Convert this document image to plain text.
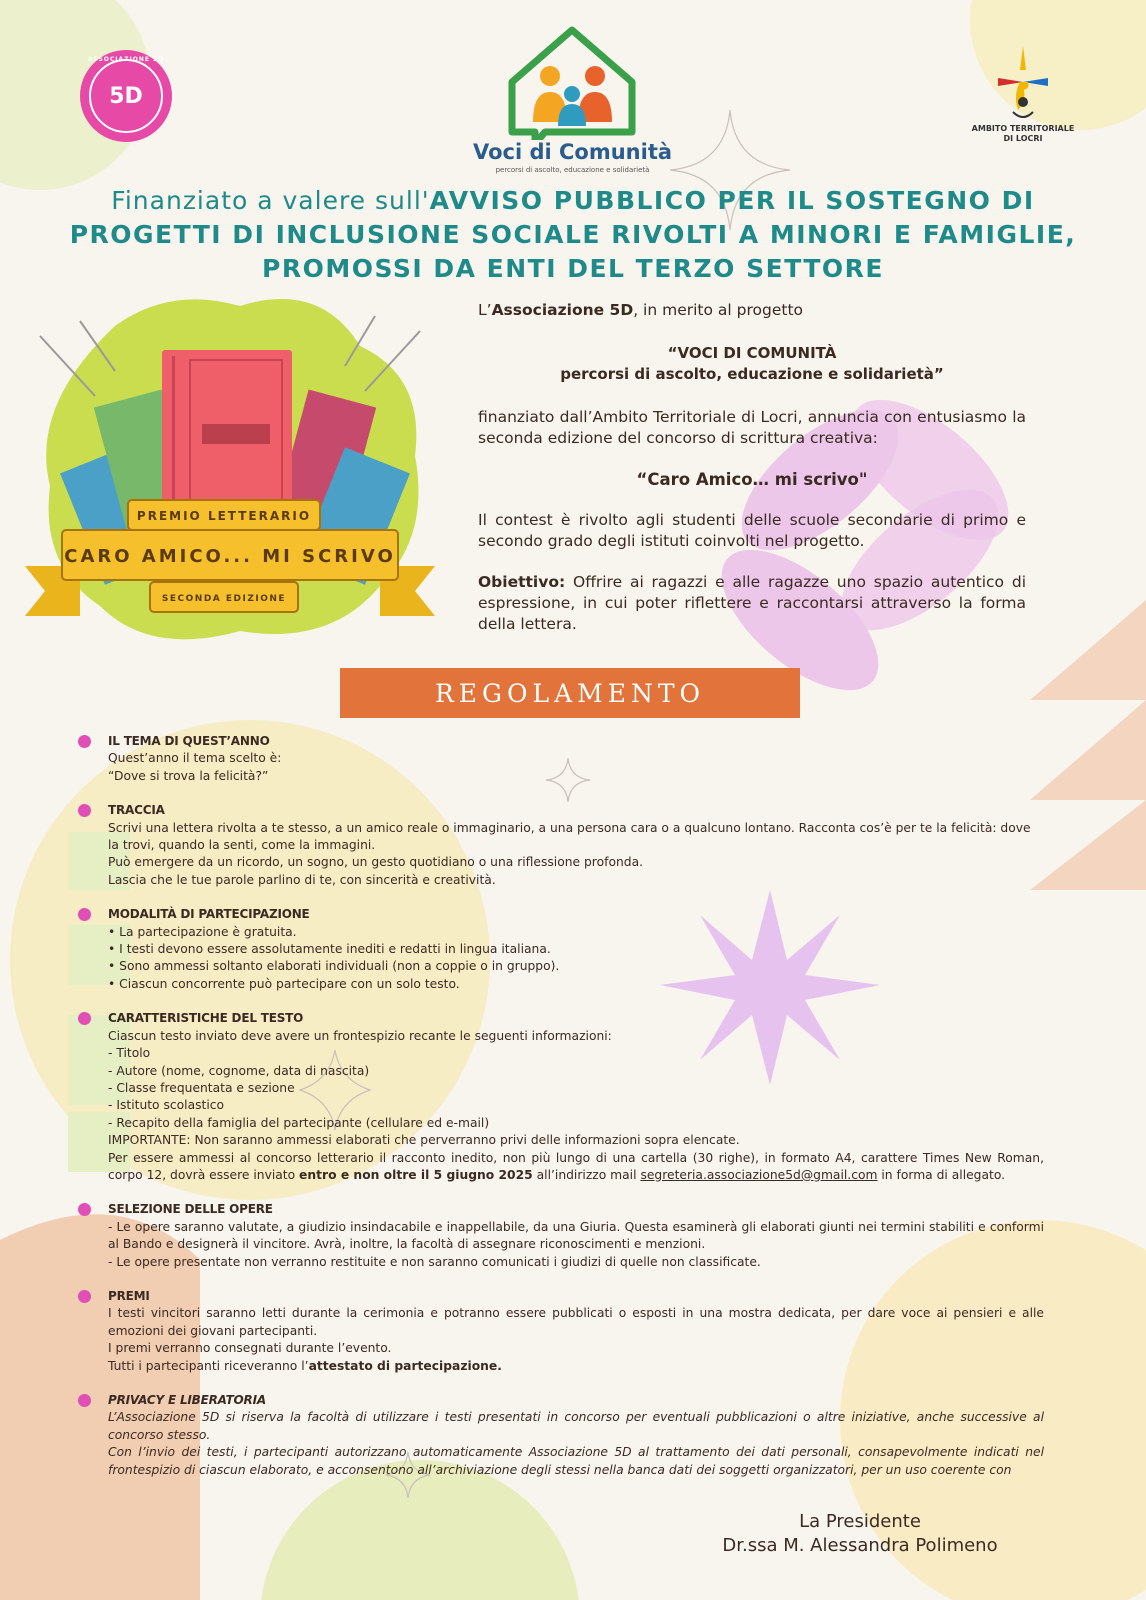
ASSOCIAZIONE 5D
5D
Voci di Comunità
percorsi di ascolto, educazione e solidarietà
AMBITO TERRITORIALE
DI LOCRI
Finanziato a valere sull'AVVISO PUBBLICO PER IL SOSTEGNO DI
PROGETTI DI INCLUSIONE SOCIALE RIVOLTI A MINORI E FAMIGLIE,
PROMOSSI DA ENTI DEL TERZO SETTORE
PREMIO LETTERARIO
CARO AMICO... MI SCRIVO
SECONDA EDIZIONE

L’Associazione 5D, in merito al progetto

“VOCI DI COMUNITÀ

percorsi di ascolto, educazione e solidarietà”

finanziato dall’Ambito Territoriale di Locri, annuncia con entusiasmo la seconda edizione del concorso di scrittura creativa:

“Caro Amico… mi scrivo"

Il contest è rivolto agli studenti delle scuole secondarie di primo e secondo grado degli istituti coinvolti nel progetto.

Obiettivo: Offrire ai ragazzi e alle ragazze uno spazio autentico di espressione, in cui poter riflettere e raccontarsi attraverso la forma della lettera.

REGOLAMENTO
IL TEMA DI QUEST’ANNO

Quest’anno il tema scelto è:

“Dove si trova la felicità?”

TRACCIA

Scrivi una lettera rivolta a te stesso, a un amico reale o immaginario, a una persona cara o a qualcuno lontano. Racconta cos’è per te la felicità: dove la trovi, quando la senti, come la immagini.

Può emergere da un ricordo, un sogno, un gesto quotidiano o una riflessione profonda.

Lascia che le tue parole parlino di te, con sincerità e creatività.

MODALITÀ DI PARTECIPAZIONE

• La partecipazione è gratuita.

• I testi devono essere assolutamente inediti e redatti in lingua italiana.

• Sono ammessi soltanto elaborati individuali (non a coppie o in gruppo).

• Ciascun concorrente può partecipare con un solo testo.

CARATTERISTICHE DEL TESTO

Ciascun testo inviato deve avere un frontespizio recante le seguenti informazioni:

- Titolo

- Autore (nome, cognome, data di nascita)

- Classe frequentata e sezione

- Istituto scolastico

- Recapito della famiglia del partecipante (cellulare ed e-mail)

IMPORTANTE: Non saranno ammessi elaborati che perverranno privi delle informazioni sopra elencate.

Per essere ammessi al concorso letterario il racconto inedito, non più lungo di una cartella (30 righe), in formato A4, carattere Times New Roman, corpo 12, dovrà essere inviato entro e non oltre il 5 giugno 2025 all’indirizzo mail segreteria.associazione5d@gmail.com in forma di allegato.

SELEZIONE DELLE OPERE

- Le opere saranno valutate, a giudizio insindacabile e inappellabile, da una Giuria. Questa esaminerà gli elaborati giunti nei termini stabiliti e conformi al Bando e designerà il vincitore. Avrà, inoltre, la facoltà di assegnare riconoscimenti e menzioni.

- Le opere presentate non verranno restituite e non saranno comunicati i giudizi di quelle non classificate.

PREMI

I testi vincitori saranno letti durante la cerimonia e potranno essere pubblicati o esposti in una mostra dedicata, per dare voce ai pensieri e alle emozioni dei giovani partecipanti.

I premi verranno consegnati durante l’evento.

Tutti i partecipanti riceveranno l’attestato di partecipazione.

PRIVACY E LIBERATORIA

L’Associazione 5D si riserva la facoltà di utilizzare i testi presentati in concorso per eventuali pubblicazioni o altre iniziative, anche successive al concorso stesso.

Con l’invio dei testi, i partecipanti autorizzano automaticamente Associazione 5D al trattamento dei dati personali, consapevolmente indicati nel frontespizio di ciascun elaborato, e acconsentono all’archiviazione degli stessi nella banca dati dei soggetti organizzatori, per un uso coerente con

La Presidente
Dr.ssa M. Alessandra Polimeno
